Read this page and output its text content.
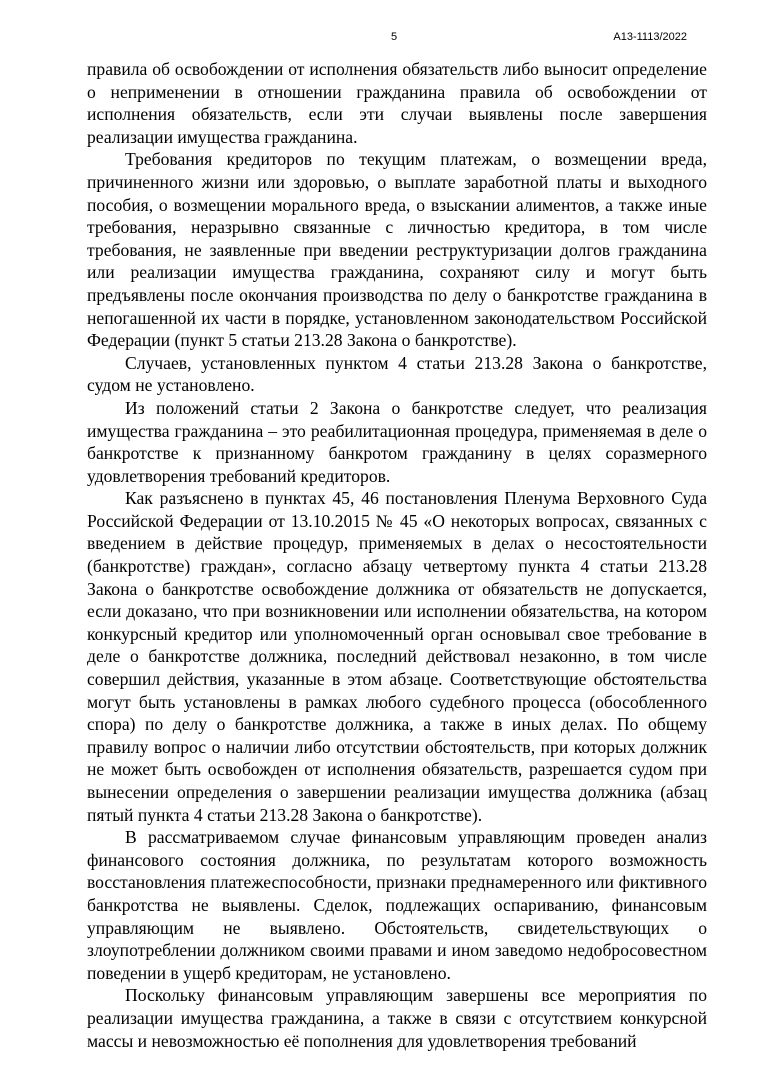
5	А13-1113/2022

правила об освобождении от исполнения обязательств либо выносит определение о неприменении в отношении гражданина правила об освобождении от исполнения обязательств, если эти случаи выявлены после завершения реализации имущества гражданина.

Требования кредиторов по текущим платежам, о возмещении вреда, причиненного жизни или здоровью, о выплате заработной платы и выходного пособия, о возмещении морального вреда, о взыскании алиментов, а также иные требования, неразрывно связанные с личностью кредитора, в том числе требования, не заявленные при введении реструктуризации долгов гражданина или реализации имущества гражданина, сохраняют силу и могут быть предъявлены после окончания производства по делу о банкротстве гражданина в непогашенной их части в порядке, установленном законодательством Российской Федерации (пункт 5 статьи 213.28 Закона о банкротстве).

Случаев, установленных пунктом 4 статьи 213.28 Закона о банкротстве, судом не установлено.

Из положений статьи 2 Закона о банкротстве следует, что реализация имущества гражданина – это реабилитационная процедура, применяемая в деле о банкротстве к признанному банкротом гражданину в целях соразмерного удовлетворения требований кредиторов.

Как разъяснено в пунктах 45, 46 постановления Пленума Верховного Суда Российской Федерации от 13.10.2015 № 45 «О некоторых вопросах, связанных с введением в действие процедур, применяемых в делах о несостоятельности (банкротстве) граждан», согласно абзацу четвертому пункта 4 статьи 213.28 Закона о банкротстве освобождение должника от обязательств не допускается, если доказано, что при возникновении или исполнении обязательства, на котором конкурсный кредитор или уполномоченный орган основывал свое требование в деле о банкротстве должника, последний действовал незаконно, в том числе совершил действия, указанные в этом абзаце. Соответствующие обстоятельства могут быть установлены в рамках любого судебного процесса (обособленного спора) по делу о банкротстве должника, а также в иных делах. По общему правилу вопрос о наличии либо отсутствии обстоятельств, при которых должник не может быть освобожден от исполнения обязательств, разрешается судом при вынесении определения о завершении реализации имущества должника (абзац пятый пункта 4 статьи 213.28 Закона о банкротстве).

В рассматриваемом случае финансовым управляющим проведен анализ финансового состояния должника, по результатам которого возможность восстановления платежеспособности, признаки преднамеренного или фиктивного банкротства не выявлены. Сделок, подлежащих оспариванию, финансовым управляющим не выявлено. Обстоятельств, свидетельствующих о злоупотреблении должником своими правами и ином заведомо недобросовестном поведении в ущерб кредиторам, не установлено.

Поскольку финансовым управляющим завершены все мероприятия по реализации имущества гражданина, а также в связи с отсутствием конкурсной массы и невозможностью её пополнения для удовлетворения требований
